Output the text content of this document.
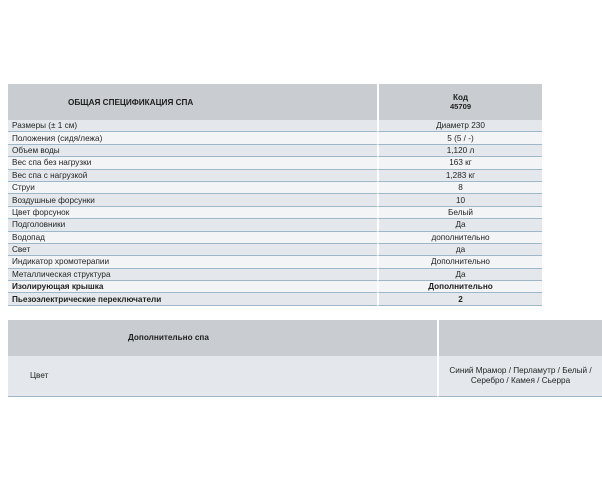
ОБЩАЯ СПЕЦИФИКАЦИЯ СПА	Код
45709

Размеры (± 1 см)	Диаметр 230
Положения (сидя/лежа)	5 (5 / -)
Объем воды	1,120 л
Вес спа без нагрузки	163 кг
Вес спа с нагрузкой	1,283 кг
Струи	8
Воздушные форсунки	10
Цвет форсунок	Белый
Подголовники	Да
Водопад	дополнительно
Свет	да
Индикатор хромотерапии	Дополнительно
Металлическая структура	Да
Изолирующая крышка	Дополнительно
Пьезоэлектрические переключатели	2
Дополнительно спа	
Цвет	Синий Мрамор / Перламутр / Белый / Серебро / Камея / Сьерра
